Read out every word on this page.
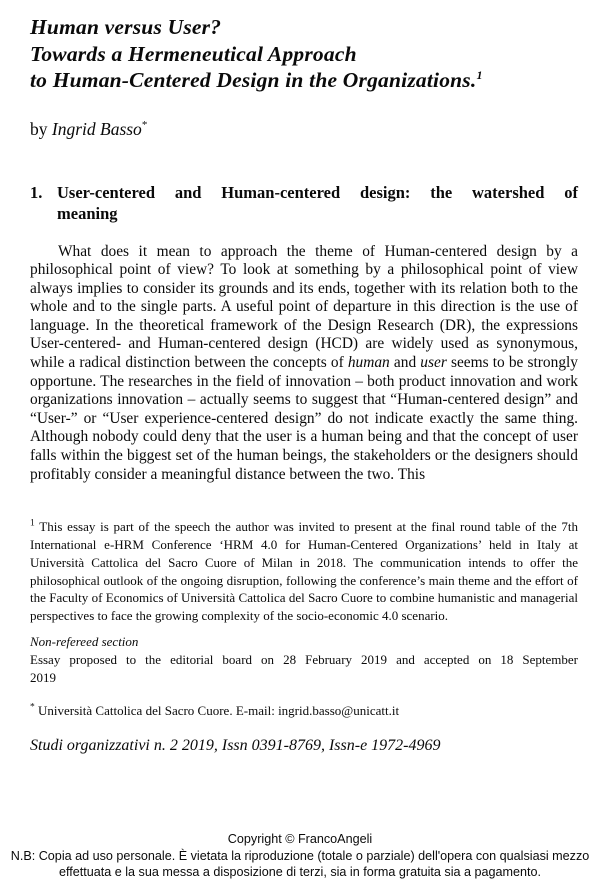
Human versus User?
Towards a Hermeneutical Approach
to Human-Centered Design in the Organizations.$^1$

by Ingrid Basso*

1. User-centered and Human-centered design: the watershed of
meaning

What does it mean to approach the theme of Human-centered design by a philosophical point of view? To look at something by a philosophical point of view always implies to consider its grounds and its ends, together with its relation both to the whole and to the single parts. A useful point of departure in this direction is the use of language. In the theoretical framework of the Design Research (DR), the expressions User-centered- and Human-centered design (HCD) are widely used as synonymous, while a radical distinction between the concepts of human and user seems to be strongly opportune. The researches in the field of innovation – both product innovation and work organizations innovation – actually seems to suggest that “Human-centered design” and “User-” or “User experience-centered design” do not indicate exactly the same thing. Although nobody could deny that the user is a human being and that the concept of user falls within the biggest set of the human beings, the stakeholders or the designers should profitably consider a meaningful distance between the two. This

$^1$ This essay is part of the speech the author was invited to present at the final round table of the 7th International e-HRM Conference ‘HRM 4.0 for Human-Centered Organizations’ held in Italy at Università Cattolica del Sacro Cuore of Milan in 2018. The communication intends to offer the philosophical outlook of the ongoing disruption, following the conference’s main theme and the effort of the Faculty of Economics of Università Cattolica del Sacro Cuore to combine humanistic and managerial perspectives to face the growing complexity of the socio-economic 4.0 scenario.

Non-refereed section
Essay proposed to the editorial board on 28 February 2019 and accepted on 18 September
2019

* Università Cattolica del Sacro Cuore. E-mail: ingrid.basso@unicatt.it

Studi organizzativi n. 2 2019, Issn 0391-8769, Issn-e 1972-4969

Copyright © FrancoAngeli
N.B: Copia ad uso personale. È vietata la riproduzione (totale o parziale) dell'opera con qualsiasi mezzo effettuata e la sua messa a disposizione di terzi, sia in forma gratuita sia a pagamento.
